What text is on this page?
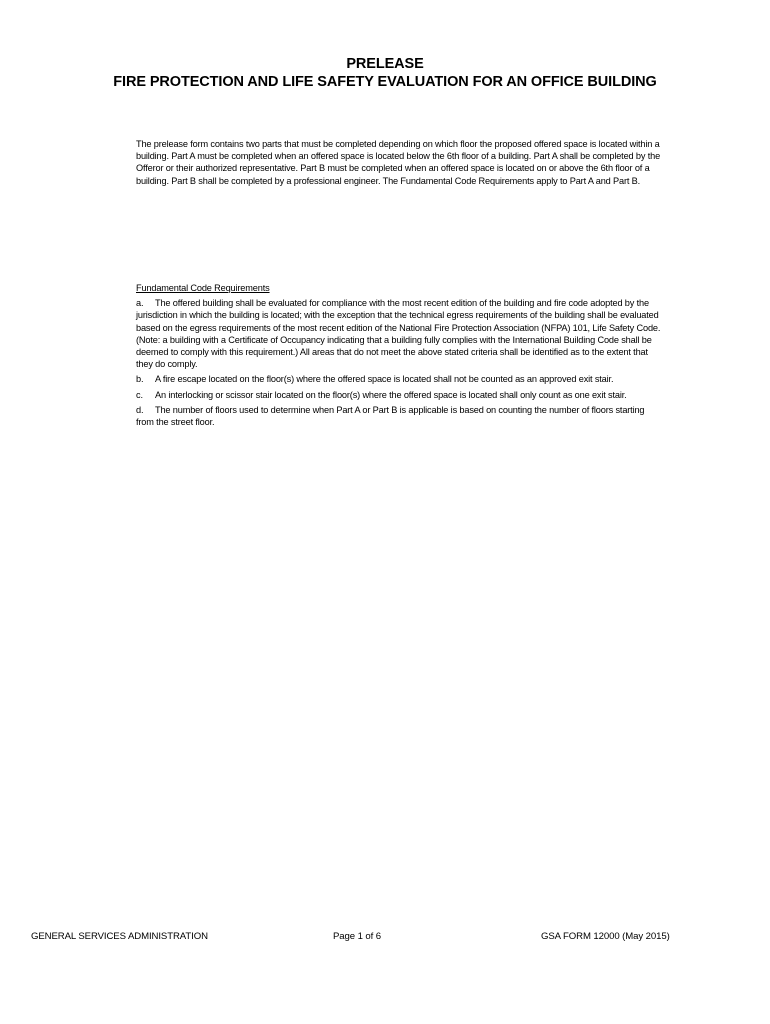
PRELEASE
FIRE PROTECTION AND LIFE SAFETY EVALUATION FOR AN OFFICE BUILDING
The prelease form contains two parts that must be completed depending on which floor the proposed offered space is located within a building. Part A must be completed when an offered space is located below the 6th floor of a building. Part A shall be completed by the Offeror or their authorized representative. Part B must be completed when an offered space is located on or above the 6th floor of a building. Part B shall be completed by a professional engineer. The Fundamental Code Requirements apply to Part A and Part B.
Fundamental Code Requirements
a. The offered building shall be evaluated for compliance with the most recent edition of the building and fire code adopted by the jurisdiction in which the building is located; with the exception that the technical egress requirements of the building shall be evaluated based on the egress requirements of the most recent edition of the National Fire Protection Association (NFPA) 101, Life Safety Code. (Note: a building with a Certificate of Occupancy indicating that a building fully complies with the International Building Code shall be deemed to comply with this requirement.) All areas that do not meet the above stated criteria shall be identified as to the extent that they do comply.
b. A fire escape located on the floor(s) where the offered space is located shall not be counted as an approved exit stair.
c. An interlocking or scissor stair located on the floor(s) where the offered space is located shall only count as one exit stair.
d. The number of floors used to determine when Part A or Part B is applicable is based on counting the number of floors starting from the street floor.
GENERAL SERVICES ADMINISTRATION	Page 1 of 6	GSA FORM 12000 (May 2015)
